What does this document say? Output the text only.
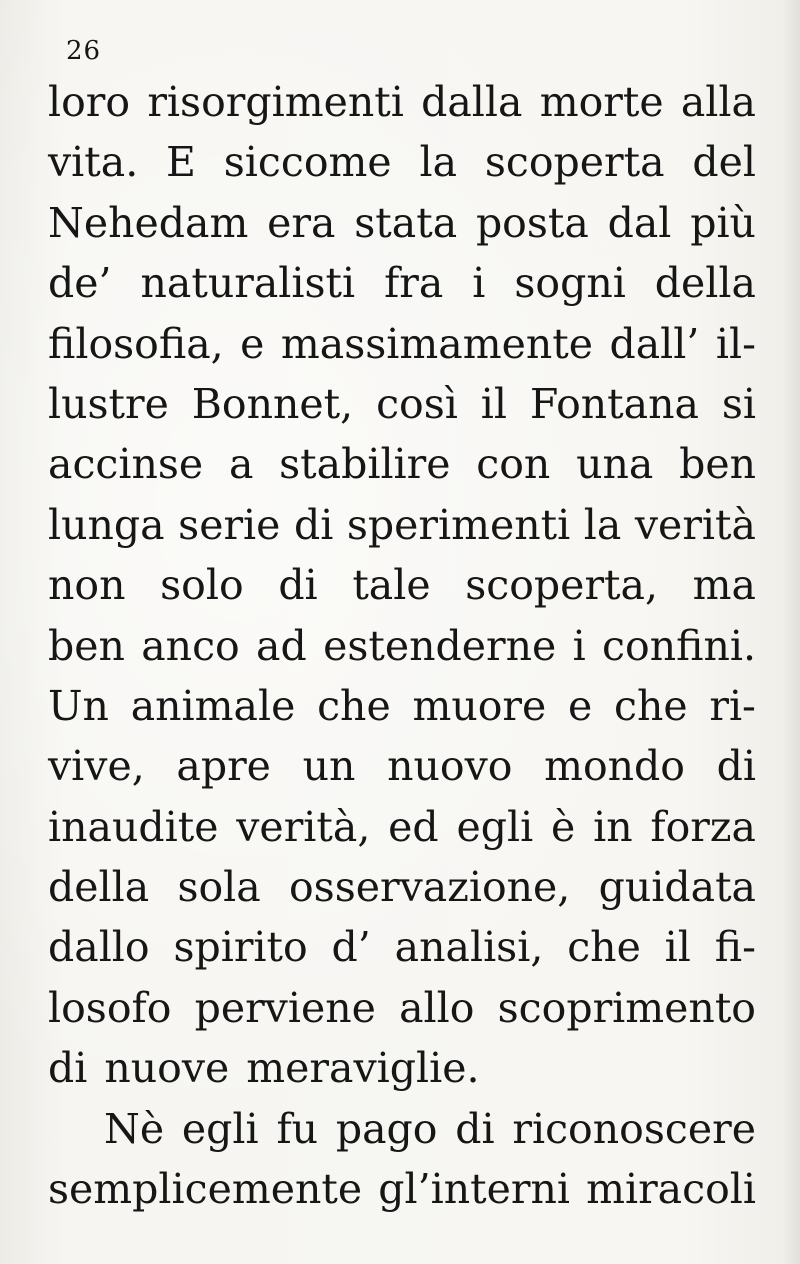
26
loro risorgimenti dalla morte alla
vita. E siccome la scoperta del
Nehedam era stata posta dal più
de’ naturalisti fra i sogni della
filosofia, e massimamente dall’ il-
lustre Bonnet, così il Fontana si
accinse a stabilire con una ben
lunga serie di sperimenti la verità
non solo di tale scoperta, ma
ben anco ad estenderne i confini.
Un animale che muore e che ri-
vive, apre un nuovo mondo di
inaudite verità, ed egli è in forza
della sola osservazione, guidata
dallo spirito d’ analisi, che il fi-
losofo perviene allo scoprimento
di nuove meraviglie.
Nè egli fu pago di riconoscere
semplicemente gl’interni miracoli
